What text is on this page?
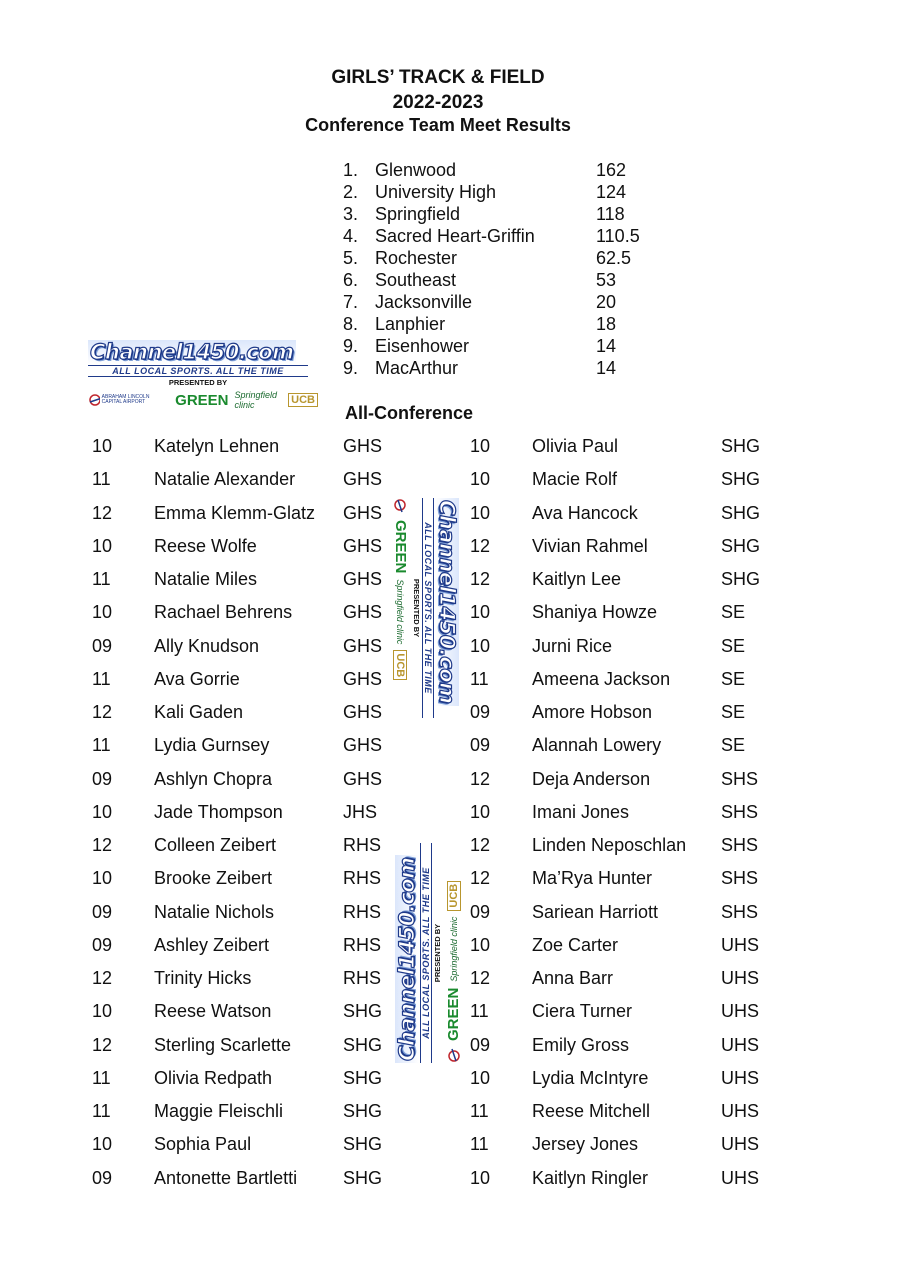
GIRLS’ TRACK & FIELD
2022-2023
Conference Team Meet Results
1. Glenwood	162
2. University High	124
3. Springfield	118
4. Sacred Heart-Griffin	110.5
5. Rochester	62.5
6. Southeast	53
7. Jacksonville	20
8. Lanphier	18
9. Eisenhower	14
9. MacArthur	14
All-Conference
10 Katelyn Lehnen	GHS
11 Natalie Alexander	GHS
12 Emma Klemm-Glatz GHS
10 Reese Wolfe	GHS
11 Natalie Miles	GHS
10 Rachael Behrens	GHS
09 Ally Knudson	GHS
11 Ava Gorrie	GHS
12 Kali Gaden	GHS
11 Lydia Gurnsey	GHS
09 Ashlyn Chopra	GHS
10 Jade Thompson	JHS
12 Colleen Zeibert	RHS
10 Brooke Zeibert	RHS
09 Natalie Nichols	RHS
09 Ashley Zeibert	RHS
12 Trinity Hicks	RHS
10 Reese Watson	SHG
12 Sterling Scarlette	SHG
11 Olivia Redpath	SHG
11 Maggie Fleischli	SHG
10 Sophia Paul	SHG
09 Antonette Bartletti	SHG
10 Olivia Paul	SHG
10 Macie Rolf	SHG
10 Ava Hancock	SHG
12 Vivian Rahmel	SHG
12 Kaitlyn Lee	SHG
10 Shaniya Howze	SE
10 Jurni Rice	SE
11 Ameena Jackson	SE
09 Amore Hobson	SE
09 Alannah Lowery	SE
12 Deja Anderson	SHS
10 Imani Jones	SHS
12 Linden Neposchlan SHS
12 Ma’Rya Hunter	SHS
09 Sariean Harriott	SHS
10 Zoe Carter	UHS
12 Anna Barr	UHS
11 Ciera Turner	UHS
09 Emily Gross	UHS
10 Lydia McIntyre	UHS
11 Reese Mitchell	UHS
11 Jersey Jones	UHS
10 Kaitlyn Ringler	UHS
Channel1450.com
ALL LOCAL SPORTS. ALL THE TIME
PRESENTED BY
ABRAHAM LINCOLN CAPITAL AIRPORT	GREEN Springfield clinic	UCB
Channel1450.com
ALL LOCAL SPORTS. ALL THE TIME
PRESENTED BY
GREEN
Springfield clinic
UCB
Channel1450.com ALL LOCAL SPORTS. ALL THE TIME PRESENTED BY
GREEN
Springfield clinic
UCB
